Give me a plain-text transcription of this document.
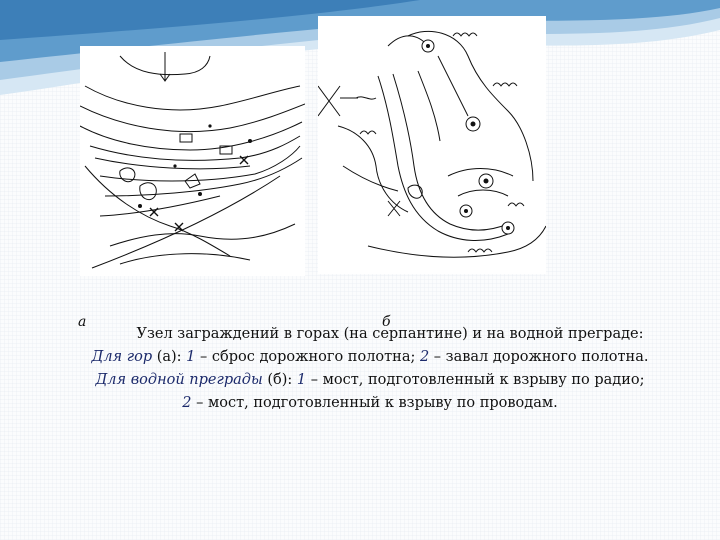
а	б
Узел заграждений в горах (на серпантине) и на водной преграде:
Для гор (а): 1 – сброс дорожного полотна; 2 – завал дорожного полотна.
Для водной преграды (б): 1 – мост, подготовленный к взрыву по радио;
2 – мост, подготовленный к взрыву по проводам.
